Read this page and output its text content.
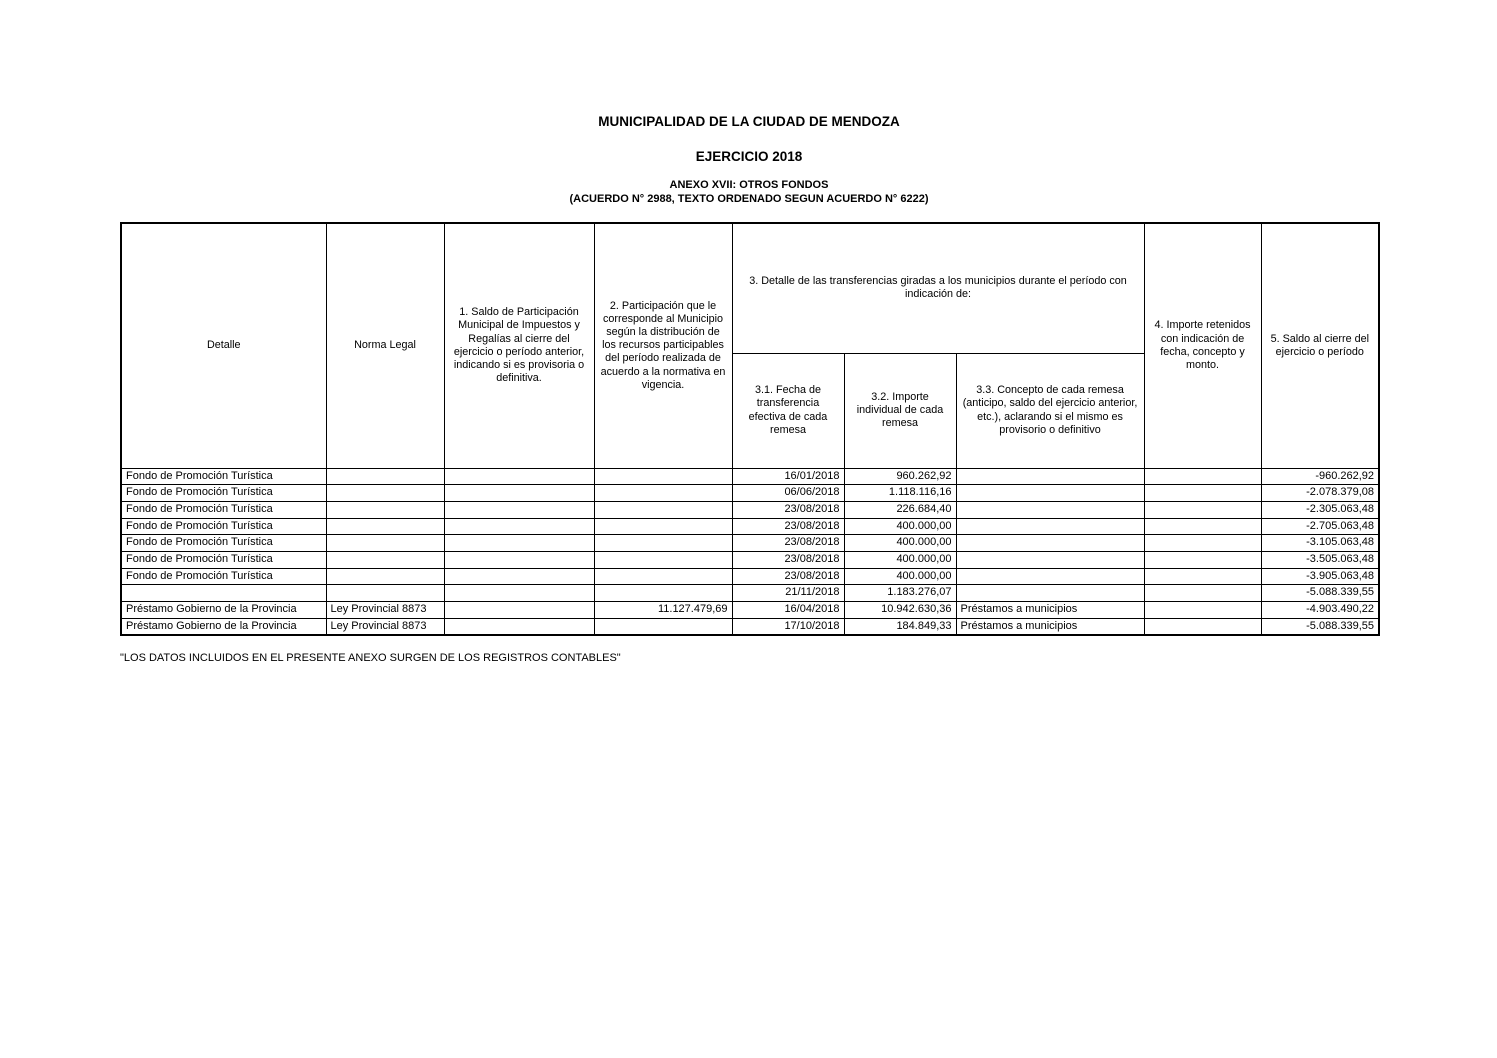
MUNICIPALIDAD DE LA CIUDAD DE MENDOZA
EJERCICIO 2018
ANEXO XVII: OTROS FONDOS
(ACUERDO N° 2988, TEXTO ORDENADO SEGUN ACUERDO N° 6222)
Detalle	Norma Legal	1. Saldo de Participación Municipal de Impuestos y Regalías al cierre del ejercicio o período anterior, indicando si es provisoria o definitiva.	2. Participación que le corresponde al Municipio según la distribución de los recursos participables del período realizada de acuerdo a la normativa en vigencia.	3. Detalle de las transferencias giradas a los municipios durante el período con indicación de:			4. Importe retenidos con indicación de fecha, concepto y monto.	5. Saldo al cierre del ejercicio o período
				3.1. Fecha de transferencia efectiva de cada remesa	3.2. Importe individual de cada remesa	3.3. Concepto de cada remesa (anticipo, saldo del ejercicio anterior, etc.), aclarando si el mismo es provisorio o definitivo		
Fondo de Promoción Turística				16/01/2018	960.262,92			-960.262,92
Fondo de Promoción Turística				06/06/2018	1.118.116,16			-2.078.379,08
Fondo de Promoción Turística				23/08/2018	226.684,40			-2.305.063,48
Fondo de Promoción Turística				23/08/2018	400.000,00			-2.705.063,48
Fondo de Promoción Turística				23/08/2018	400.000,00			-3.105.063,48
Fondo de Promoción Turística				23/08/2018	400.000,00			-3.505.063,48
Fondo de Promoción Turística				23/08/2018	400.000,00			-3.905.063,48
				21/11/2018	1.183.276,07			-5.088.339,55
Préstamo Gobierno de la Provincia	Ley Provincial 8873		11.127.479,69	16/04/2018	10.942.630,36	Préstamos a municipios		-4.903.490,22
Préstamo Gobierno de la Provincia	Ley Provincial 8873			17/10/2018	184.849,33	Préstamos a municipios		-5.088.339,55
"LOS DATOS INCLUIDOS EN EL PRESENTE ANEXO SURGEN DE LOS REGISTROS CONTABLES"
